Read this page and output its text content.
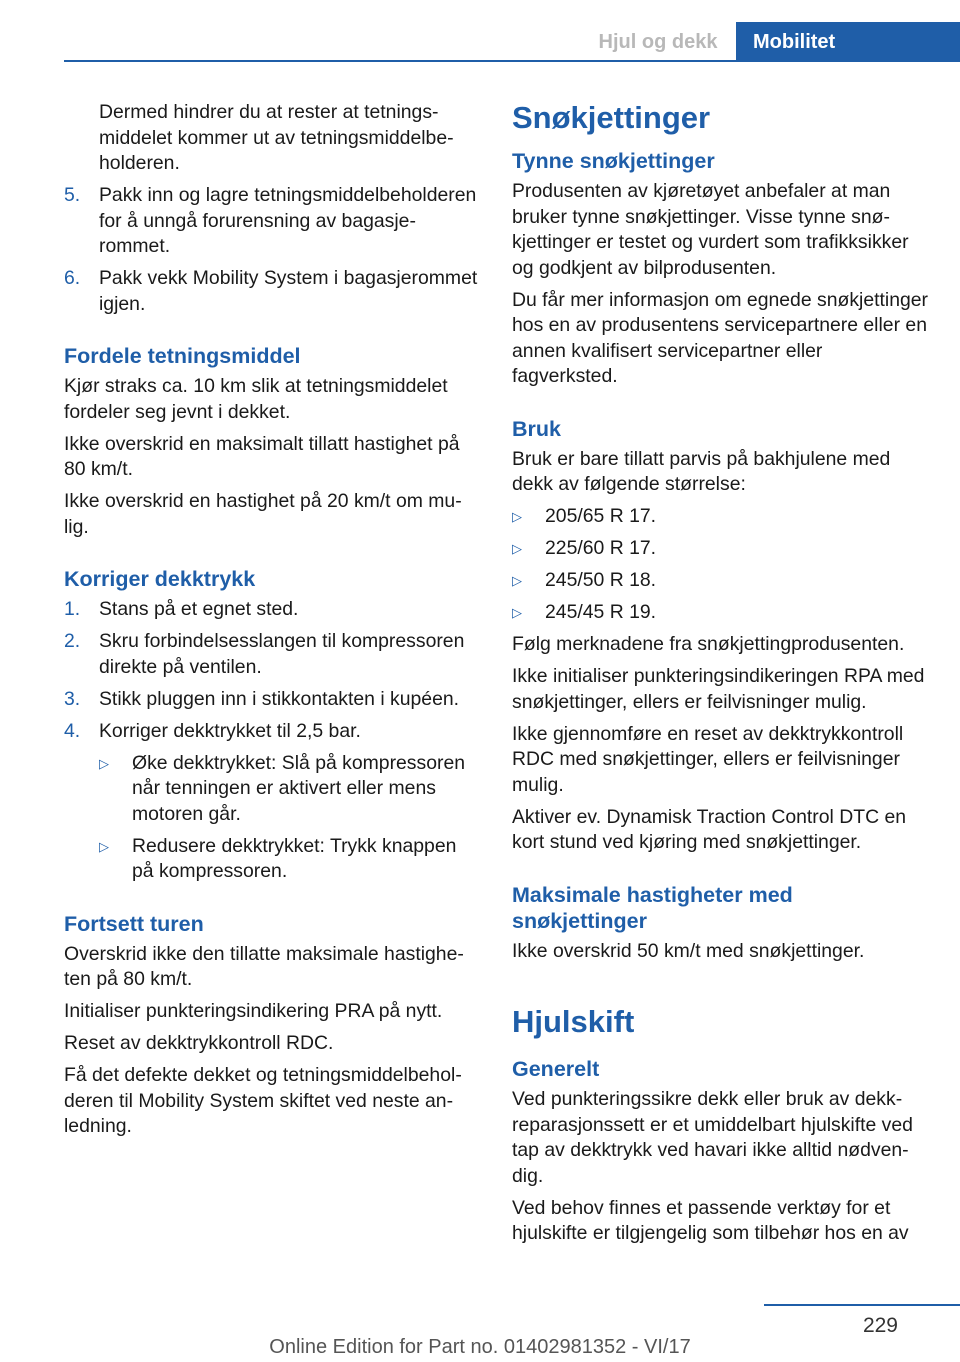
Hjul og dekk	Mobilitet

Dermed hindrer du at rester at tetningsmiddelet kommer ut av tetningsmiddelbeholderen.

5. Pakk inn og lagre tetningsmiddelbeholderen for å unngå forurensning av bagasjerommet.
6. Pakk vekk Mobility System i bagasjerommet igjen.
Fordele tetningsmiddel

Kjør straks ca. 10 km slik at tetningsmiddelet fordeler seg jevnt i dekket.

Ikke overskrid en maksimalt tillatt hastighet på 80 km/t.

Ikke overskrid en hastighet på 20 km/t om mulig.

Korriger dekktrykk
1. Stans på et egnet sted.
2. Skru forbindelsesslangen til kompressoren direkte på ventilen.
3. Stikk pluggen inn i stikkontakten i kupéen.
4. Korriger dekktrykket til 2,5 bar.
▷	Øke dekktrykket: Slå på kompressoren når tenningen er aktivert eller mens motoren går.
▷	Redusere dekktrykket: Trykk knappen på kompressoren.
Fortsett turen

Overskrid ikke den tillatte maksimale hastigheten på 80 km/t.

Initialiser punkteringsindikering PRA på nytt.

Reset av dekktrykkontroll RDC.

Få det defekte dekket og tetningsmiddelbeholderen til Mobility System skiftet ved neste anledning.

Snøkjettinger
Tynne snøkjettinger

Produsenten av kjøretøyet anbefaler at man bruker tynne snøkjettinger. Visse tynne snøkjettinger er testet og vurdert som trafikksikker og godkjent av bilprodusenten.

Du får mer informasjon om egnede snøkjettinger hos en av produsentens servicepartnere eller en annen kvalifisert servicepartner eller fagverksted.

Bruk

Bruk er bare tillatt parvis på bakhjulene med dekk av følgende størrelse:

▷	205/65 R 17.
▷	225/60 R 17.
▷	245/50 R 18.
▷	245/45 R 19.

Følg merknadene fra snøkjettingprodusenten.

Ikke initialiser punkteringsindikeringen RPA med snøkjettinger, ellers er feilvisninger mulig.

Ikke gjennomføre en reset av dekktrykkontroll RDC med snøkjettinger, ellers er feilvisninger mulig.

Aktiver ev. Dynamisk Traction Control DTC en kort stund ved kjøring med snøkjettinger.

Maksimale hastigheter med snøkjettinger

Ikke overskrid 50 km/t med snøkjettinger.

Hjulskift
Generelt

Ved punkteringssikre dekk eller bruk av dekkreparasjonssett er et umiddelbart hjulskifte ved tap av dekktrykk ved havari ikke alltid nødvendig.

Ved behov finnes et passende verktøy for et hjulskifte er tilgjengelig som tilbehør hos en av

229
Online Edition for Part no. 01402981352 - VI/17
